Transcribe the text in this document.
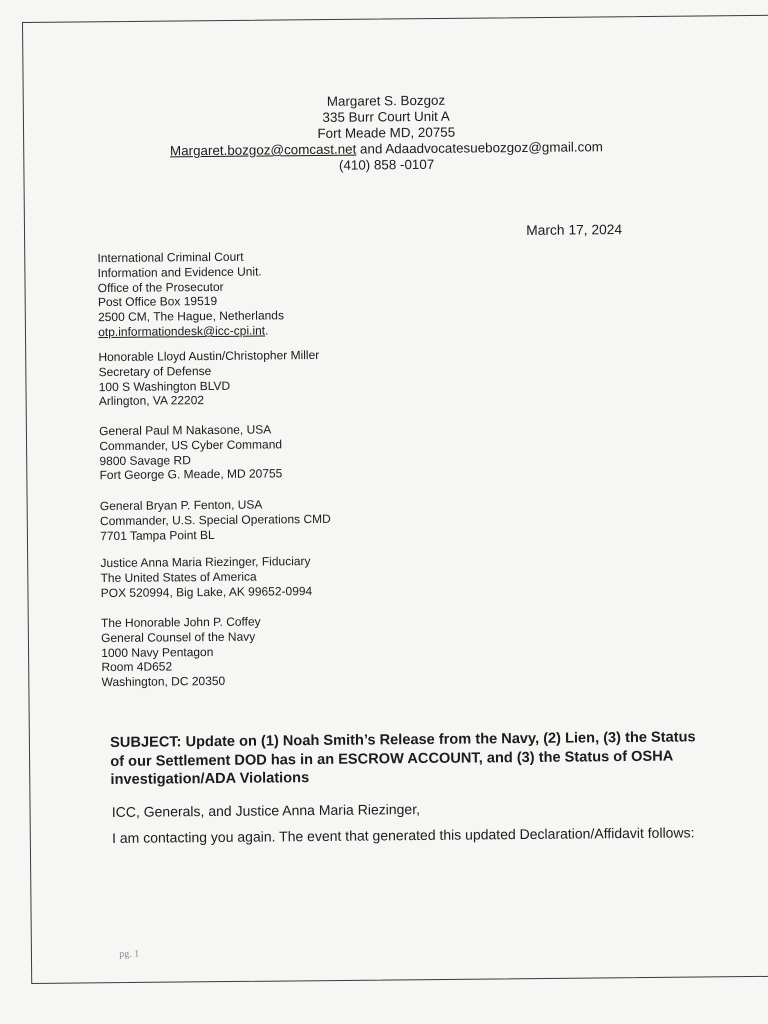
Margaret S. Bozgoz
335 Burr Court Unit A
Fort Meade MD, 20755
Margaret.bozgoz@comcast.net and Adaadvocatesuebozgoz@gmail.com
(410) 858 -0107
March 17, 2024
International Criminal Court
Information and Evidence Unit.
Office of the Prosecutor
Post Office Box 19519
2500 CM, The Hague, Netherlands
otp.informationdesk@icc-cpi.int.
Honorable Lloyd Austin/Christopher Miller
Secretary of Defense
100 S Washington BLVD
Arlington, VA 22202
General Paul M Nakasone, USA
Commander, US Cyber Command
9800 Savage RD
Fort George G. Meade, MD 20755
General Bryan P. Fenton, USA
Commander, U.S. Special Operations CMD
7701 Tampa Point BL
Justice Anna Maria Riezinger, Fiduciary
The United States of America
POX 520994, Big Lake, AK 99652-0994
The Honorable John P. Coffey
General Counsel of the Navy
1000 Navy Pentagon
Room 4D652
Washington, DC 20350
SUBJECT: Update on (1) Noah Smith’s Release from the Navy, (2) Lien, (3) the Status of our Settlement DOD has in an ESCROW ACCOUNT, and (3) the Status of OSHA investigation/ADA Violations
ICC, Generals, and Justice Anna Maria Riezinger,
I am contacting you again. The event that generated this updated Declaration/Affidavit follows:
pg. 1
